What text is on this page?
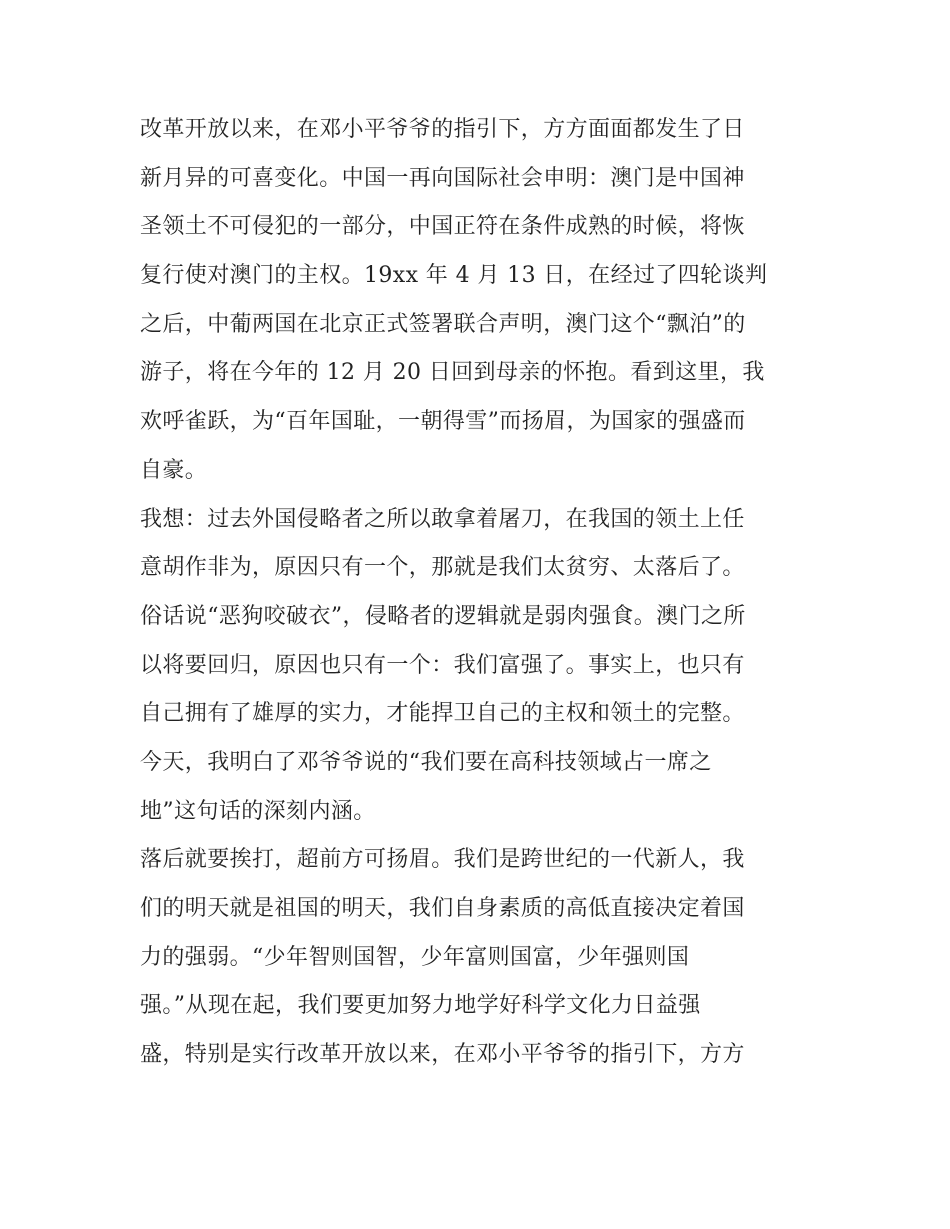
改革开放以来，在邓小平爷爷的指引下，方方面面都发生了日
新月异的可喜变化。中国一再向国际社会申明：澳门是中国神
圣领土不可侵犯的一部分，中国正符在条件成熟的时候，将恢
复行使对澳门的主权。19xx 年 4 月 13 日，在经过了四轮谈判
之后，中葡两国在北京正式签署联合声明，澳门这个“飘泊”的
游子，将在今年的 12 月 20 日回到母亲的怀抱。看到这里，我
欢呼雀跃，为“百年国耻，一朝得雪”而扬眉，为国家的强盛而
自豪。
我想：过去外国侵略者之所以敢拿着屠刀，在我国的领土上任
意胡作非为，原因只有一个，那就是我们太贫穷、太落后了。
俗话说“恶狗咬破衣”，侵略者的逻辑就是弱肉强食。澳门之所
以将要回归，原因也只有一个：我们富强了。事实上，也只有
自己拥有了雄厚的实力，才能捍卫自己的主权和领土的完整。
今天，我明白了邓爷爷说的“我们要在高科技领域占一席之
地”这句话的深刻内涵。
落后就要挨打，超前方可扬眉。我们是跨世纪的一代新人，我
们的明天就是祖国的明天，我们自身素质的高低直接决定着国
力的强弱。“少年智则国智，少年富则国富，少年强则国
强。”从现在起，我们要更加努力地学好科学文化力日益强
盛，特别是实行改革开放以来，在邓小平爷爷的指引下，方方
